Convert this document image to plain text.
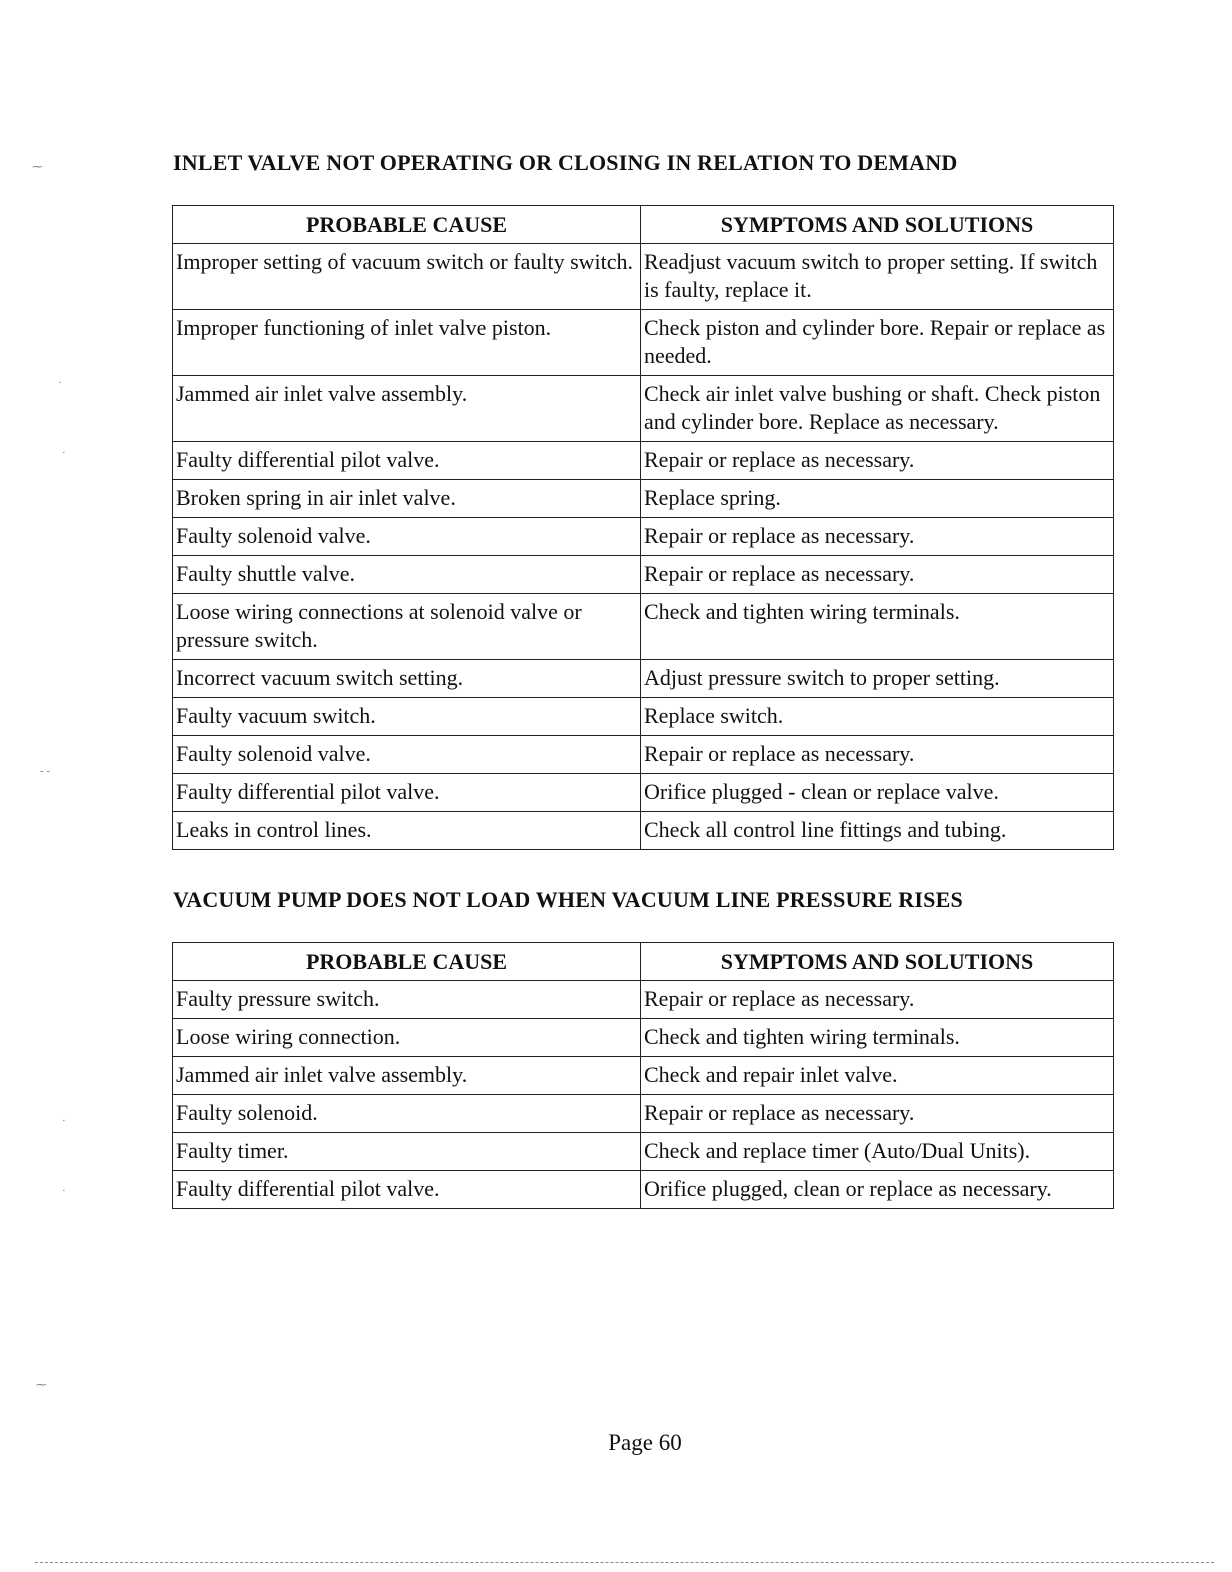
INLET VALVE NOT OPERATING OR CLOSING IN RELATION TO DEMAND
PROBABLE CAUSE	SYMPTOMS AND SOLUTIONS
Improper setting of vacuum switch or faulty switch.	Readjust vacuum switch to proper setting. If switch is faulty, replace it.
Improper functioning of inlet valve piston.	Check piston and cylinder bore. Repair or replace as needed.
Jammed air inlet valve assembly.	Check air inlet valve bushing or shaft. Check piston and cylinder bore. Replace as necessary.
Faulty differential pilot valve.	Repair or replace as necessary.
Broken spring in air inlet valve.	Replace spring.
Faulty solenoid valve.	Repair or replace as necessary.
Faulty shuttle valve.	Repair or replace as necessary.
Loose wiring connections at solenoid valve or pressure switch.	Check and tighten wiring terminals.
Incorrect vacuum switch setting.	Adjust pressure switch to proper setting.
Faulty vacuum switch.	Replace switch.
Faulty solenoid valve.	Repair or replace as necessary.
Faulty differential pilot valve.	Orifice plugged - clean or replace valve.
Leaks in control lines.	Check all control line fittings and tubing.
VACUUM PUMP DOES NOT LOAD WHEN VACUUM LINE PRESSURE RISES
PROBABLE CAUSE	SYMPTOMS AND SOLUTIONS
Faulty pressure switch.	Repair or replace as necessary.
Loose wiring connection.	Check and tighten wiring terminals.
Jammed air inlet valve assembly.	Check and repair inlet valve.
Faulty solenoid.	Repair or replace as necessary.
Faulty timer.	Check and replace timer (Auto/Dual Units).
Faulty differential pilot valve.	Orifice plugged, clean or replace as necessary.
Page 60
⁓
·
·
- -
·
·
⁓
